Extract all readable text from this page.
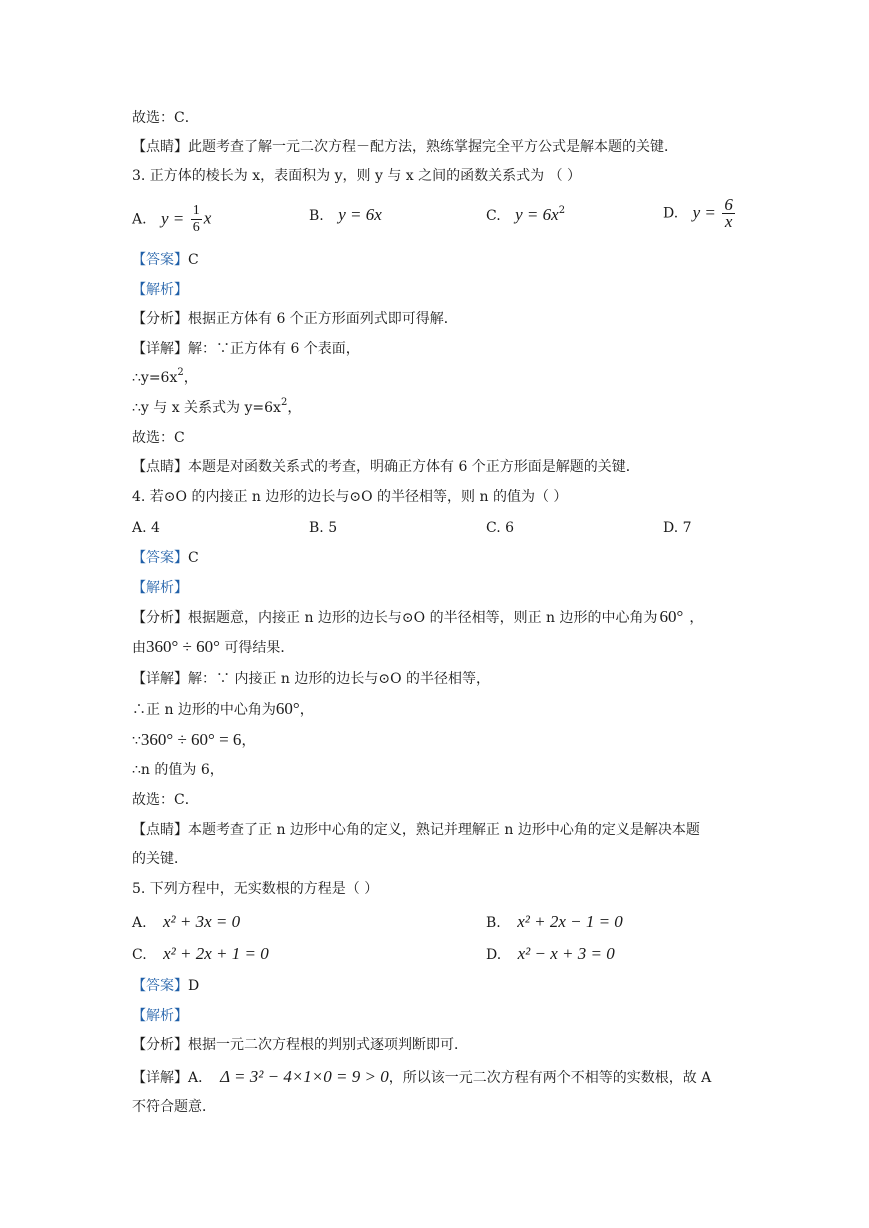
故选：C．
【点睛】此题考查了解一元二次方程－配方法，熟练掌握完全平方公式是解本题的关键．
3. 正方体的棱长为 x，表面积为 y，则 y 与 x 之间的函数关系式为 （ ）
A. $y = \frac{1}{6}$ x	B. y = 6x	C. $y = 6x^2$	D. $y = \frac{6}{x}$
【答案】C
【解析】
【分析】根据正方体有 6 个正方形面列式即可得解．
【详解】解：∵正方体有 6 个表面，
$\therefore y=6x^2$，
∴y 与 x 关系式为 $y=6x^2$，
故选：C
【点睛】本题是对函数关系式的考查，明确正方体有 6 个正方形面是解题的关键．
4. 若⊙O 的内接正 n 边形的边长与⊙O 的半径相等，则 n 的值为（ ）
A. 4	B. 5	C. 6	D. 7
【答案】C
【解析】
【分析】根据题意，内接正 n 边形的边长与⊙O 的半径相等，则正 n 边形的中心角为 60° ，
由360° ÷ 60° 可得结果．
【详解】解：∵ 内接正 n 边形的边长与⊙O 的半径相等，
∴正 n 边形的中心角为60°，
∵360° ÷ 60° = 6，
∴n 的值为 6，
故选：C．
【点睛】本题考查了正 n 边形中心角的定义，熟记并理解正 n 边形中心角的定义是解决本题
的关键．
5. 下列方程中，无实数根的方程是（ ）
A. x² + 3x = 0	B. x² + 2x − 1 = 0
C. x² + 2x + 1 = 0	D. x² − x + 3 = 0
【答案】D
【解析】
【分析】根据一元二次方程根的判别式逐项判断即可．
【详解】A． Δ = 3² − 4×1×0 = 9 > 0，所以该一元二次方程有两个不相等的实数根，故 A
不符合题意．
